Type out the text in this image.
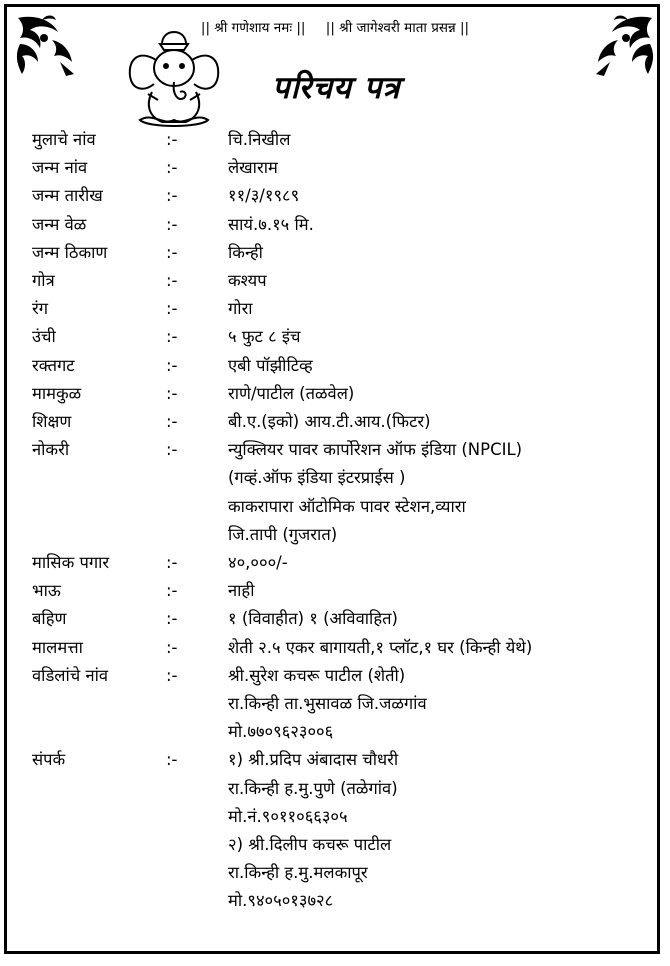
|| श्री गणेशाय नमः || || श्री जागेश्वरी माता प्रसन्न ||
परिचय पत्र
मुलाचे नांव	:-	चि.निखील
जन्म नांव	:-	लेखाराम
जन्म तारीख	:-	११/३/१९८९
जन्म वेळ	:-	सायं.७.१५ मि.
जन्म ठिकाण	:-	किन्ही
गोत्र	:-	कश्यप
रंग	:-	गोरा
उंची	:-	५ फुट ८ इंच
रक्तगट	:-	एबी पॉझीटिव्ह
मामकुळ	:-	राणे/पाटील (तळवेल)
शिक्षण	:-	बी.ए.(इको) आय.टी.आय.(फिटर)
नोकरी	:-	न्युक्लियर पावर कार्पोरेशन ऑफ इंडिया (NPCIL)
(गव्हं.ऑफ इंडिया इंटरप्राईस )
काकरापारा ऑटोमिक पावर स्टेशन,व्यारा
जि.तापी (गुजरात)
मासिक पगार	:-	४०,०००/-
भाऊ	:-	नाही
बहिण	:-	१ (विवाहीत) १ (अविवाहित)
मालमत्ता	:-	शेती २.५ एकर बागायती,१ प्लॉट,१ घर (किन्ही येथे)
वडिलांचे नांव	:-	श्री.सुरेश कचरू पाटील (शेती)
रा.किन्ही ता.भुसावळ जि.जळगांव
मो.७७०९६२३००६
संपर्क	:-	१) श्री.प्रदिप अंबादास चौधरी
रा.किन्ही ह.मु.पुणे (तळेगांव)
मो.नं.९०११०६६३०५
२) श्री.दिलीप कचरू पाटील
रा.किन्ही ह.मु.मलकापूर
मो.९४०५०१३७२८
